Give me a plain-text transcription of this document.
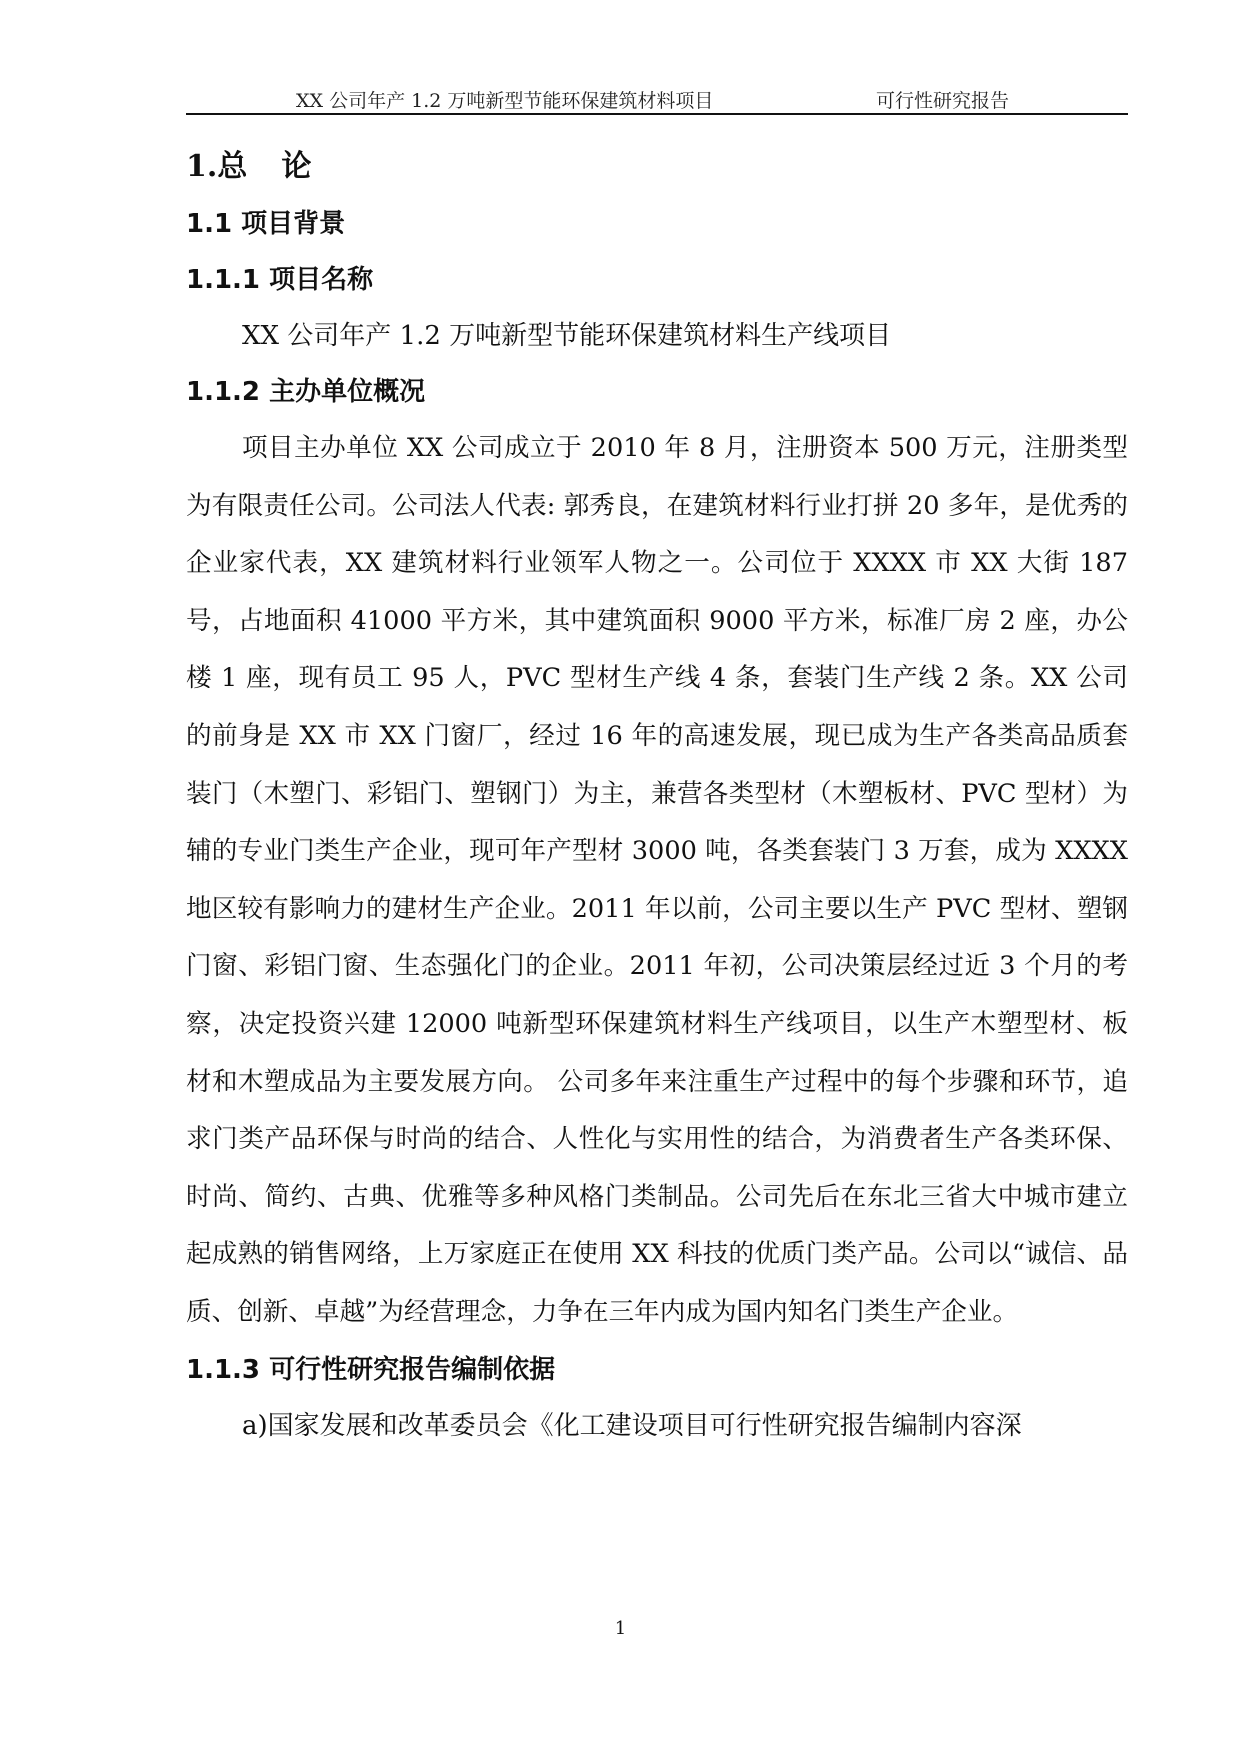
XX 公司年产 1.2 万吨新型节能环保建筑材料项目	可行性研究报告
1.总 论
1.1 项目背景
1.1.1 项目名称

XX 公司年产 1.2 万吨新型节能环保建筑材料生产线项目

1.1.2 主办单位概况

项目主办单位 XX 公司成立于 2010 年 8 月，注册资本 500 万元，注册类型为有限责任公司。公司法人代表: 郭秀良，在建筑材料行业打拼 20 多年，是优秀的企业家代表，XX 建筑材料行业领军人物之一。公司位于 XXXX 市 XX 大街 187 号，占地面积 41000 平方米，其中建筑面积 9000 平方米，标准厂房 2 座，办公楼 1 座，现有员工 95 人，PVC 型材生产线 4 条，套装门生产线 2 条。XX 公司的前身是 XX 市 XX 门窗厂，经过 16 年的高速发展，现已成为生产各类高品质套装门（木塑门、彩铝门、塑钢门）为主，兼营各类型材（木塑板材、PVC 型材）为辅的专业门类生产企业，现可年产型材 3000 吨，各类套装门 3 万套，成为 XXXX 地区较有影响力的建材生产企业。2011 年以前，公司主要以生产 PVC 型材、塑钢门窗、彩铝门窗、生态强化门的企业。2011 年初，公司决策层经过近 3 个月的考察，决定投资兴建 12000 吨新型环保建筑材料生产线项目，以生产木塑型材、板材和木塑成品为主要发展方向。 公司多年来注重生产过程中的每个步骤和环节，追求门类产品环保与时尚的结合、人性化与实用性的结合，为消费者生产各类环保、时尚、简约、古典、优雅等多种风格门类制品。公司先后在东北三省大中城市建立起成熟的销售网络，上万家庭正在使用 XX 科技的优质门类产品。公司以“诚信、品质、创新、卓越”为经营理念，力争在三年内成为国内知名门类生产企业。

1.1.3 可行性研究报告编制依据

a)国家发展和改革委员会《化工建设项目可行性研究报告编制内容深

1
